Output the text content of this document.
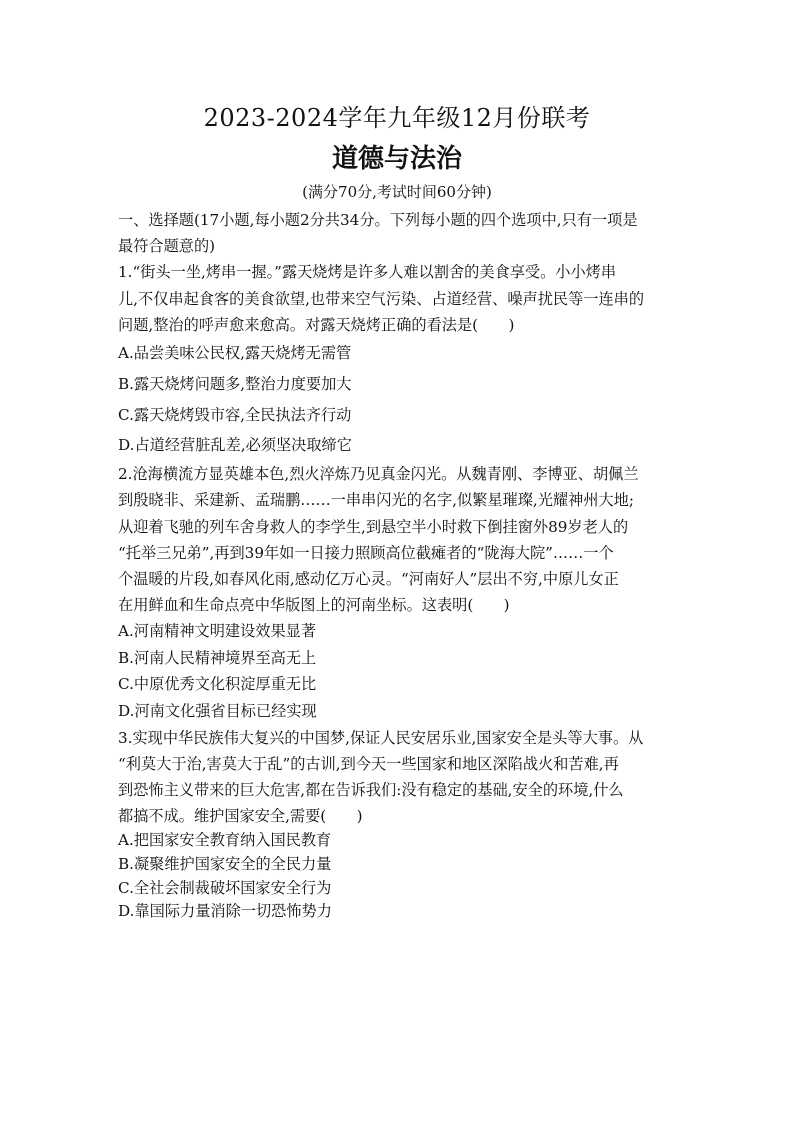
2023-2024学年九年级12月份联考
道德与法治
(满分70分,考试时间60分钟)
一、选择题(17小题,每小题2分共34分。下列每小题的四个选项中,只有一项是
最符合题意的)
1.“街头一坐,烤串一握。”露天烧烤是许多人难以割舍的美食享受。小小烤串
儿,不仅串起食客的美食欲望,也带来空气污染、占道经营、噪声扰民等一连串的
问题,整治的呼声愈来愈高。对露天烧烤正确的看法是(　　)
A.品尝美味公民权,露天烧烤无需管
B.露天烧烤问题多,整治力度要加大
C.露天烧烤毁市容,全民执法齐行动
D.占道经营脏乱差,必须坚决取缔它
2.沧海横流方显英雄本色,烈火淬炼乃见真金闪光。从魏青刚、李博亚、胡佩兰
到殷晓非、采建新、孟瑞鹏……一串串闪光的名字,似繁星璀璨,光耀神州大地;
从迎着飞驰的列车舍身救人的李学生,到悬空半小时救下倒挂窗外89岁老人的
“托举三兄弟”,再到39年如一日接力照顾高位截瘫者的“陇海大院”……一个
个温暖的片段,如春风化雨,感动亿万心灵。“河南好人”层出不穷,中原儿女正
在用鲜血和生命点亮中华版图上的河南坐标。这表明(　　)
A.河南精神文明建设效果显著
B.河南人民精神境界至高无上
C.中原优秀文化积淀厚重无比
D.河南文化强省目标已经实现
3.实现中华民族伟大复兴的中国梦,保证人民安居乐业,国家安全是头等大事。从
“利莫大于治,害莫大于乱”的古训,到今天一些国家和地区深陷战火和苦难,再
到恐怖主义带来的巨大危害,都在告诉我们:没有稳定的基础,安全的环境,什么
都搞不成。维护国家安全,需要(　　)
A.把国家安全教育纳入国民教育
B.凝聚维护国家安全的全民力量
C.全社会制裁破坏国家安全行为
D.靠国际力量消除一切恐怖势力
